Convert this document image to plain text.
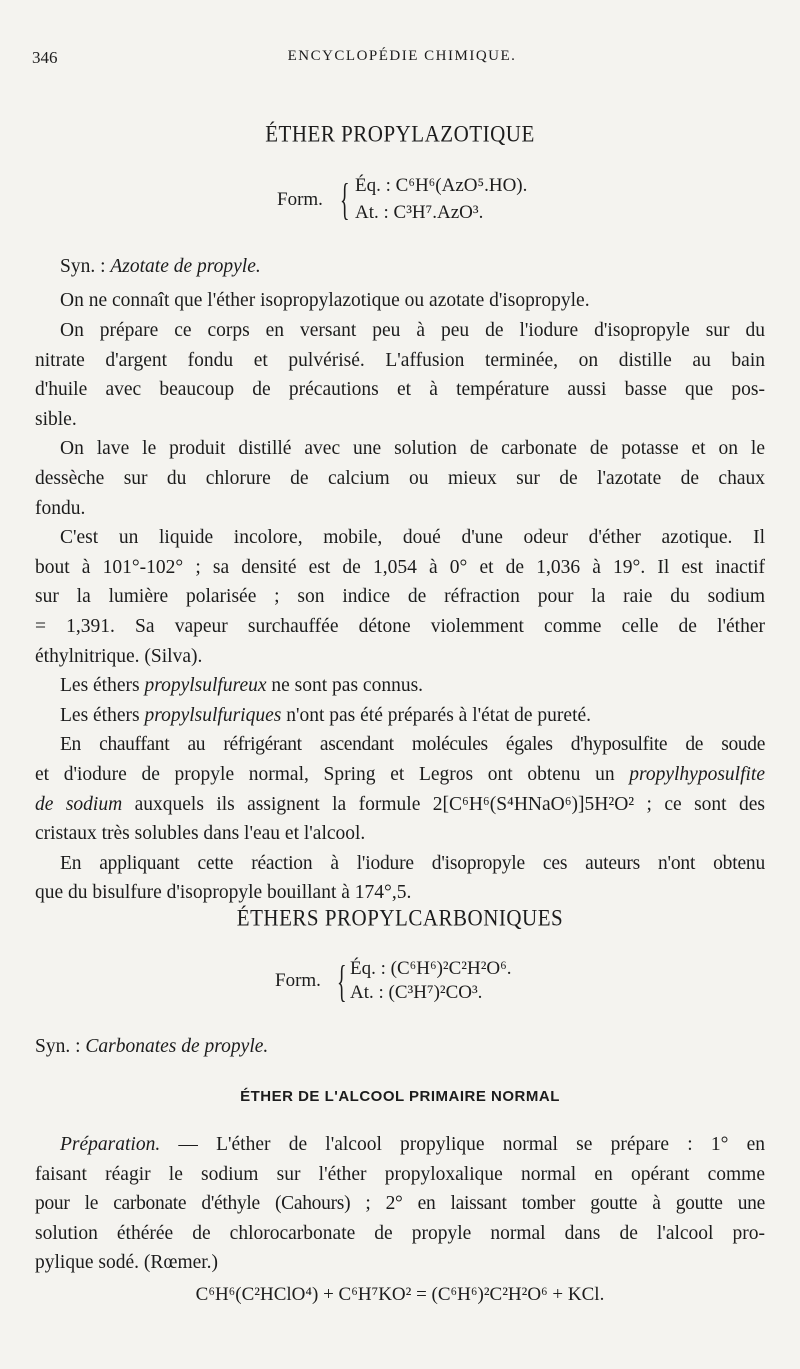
346	ENCYCLOPÉDIE CHIMIQUE.
ÉTHER PROPYLAZOTIQUE
Form. { Éq. : C⁶H⁶(AzO⁵.HO).
At. : C³H⁷.AzO³.
Syn. : Azotate de propyle.
On ne connaît que l'éther isopropylazotique ou azotate d'isopropyle.
On prépare ce corps en versant peu à peu de l'iodure d'isopropyle sur du
nitrate d'argent fondu et pulvérisé. L'affusion terminée, on distille au bain
d'huile avec beaucoup de précautions et à température aussi basse que pos-
sible.
On lave le produit distillé avec une solution de carbonate de potasse et on le
dessèche sur du chlorure de calcium ou mieux sur de l'azotate de chaux
fondu.
C'est un liquide incolore, mobile, doué d'une odeur d'éther azotique. Il
bout à 101°-102° ; sa densité est de 1,054 à 0° et de 1,036 à 19°. Il est inactif
sur la lumière polarisée ; son indice de réfraction pour la raie du sodium
= 1,391. Sa vapeur surchauffée détone violemment comme celle de l'éther
éthylnitrique. (Silva).
Les éthers propylsulfureux ne sont pas connus.
Les éthers propylsulfuriques n'ont pas été préparés à l'état de pureté.
En chauffant au réfrigérant ascendant molécules égales d'hyposulfite de soude
et d'iodure de propyle normal, Spring et Legros ont obtenu un propylhyposulfite
de sodium auxquels ils assignent la formule 2[C⁶H⁶(S⁴HNaO⁶)]5H²O² ; ce sont des
cristaux très solubles dans l'eau et l'alcool.
En appliquant cette réaction à l'iodure d'isopropyle ces auteurs n'ont obtenu
que du bisulfure d'isopropyle bouillant à 174°,5.
ÉTHERS PROPYLCARBONIQUES
Form. { Éq. : (C⁶H⁶)²C²H²O⁶.
At. : (C³H⁷)²CO³.
Syn. : Carbonates de propyle.
ÉTHER DE L'ALCOOL PRIMAIRE NORMAL
Préparation. — L'éther de l'alcool propylique normal se prépare : 1° en
faisant réagir le sodium sur l'éther propyloxalique normal en opérant comme
pour le carbonate d'éthyle (Cahours) ; 2° en laissant tomber goutte à goutte une
solution éthérée de chlorocarbonate de propyle normal dans de l'alcool pro-
pylique sodé. (Rœmer.)
C⁶H⁶(C²HClO⁴) + C⁶H⁷KO² = (C⁶H⁶)²C²H²O⁶ + KCl.
